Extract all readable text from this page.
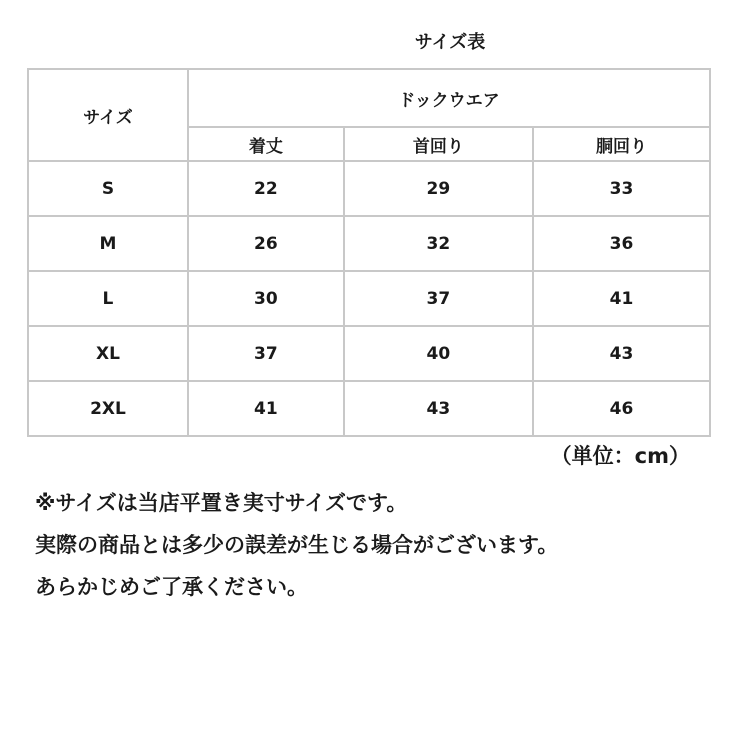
サイズ表
サイズ	ドックウエア		
	着丈	首回り	胴回り
S	22	29	33
M	26	32	36
L	30	37	41
XL	37	40	43
2XL	41	43	46
（単位：cm）
※サイズは当店平置き実寸サイズです。
実際の商品とは多少の誤差が生じる場合がございます。
あらかじめご了承ください。
